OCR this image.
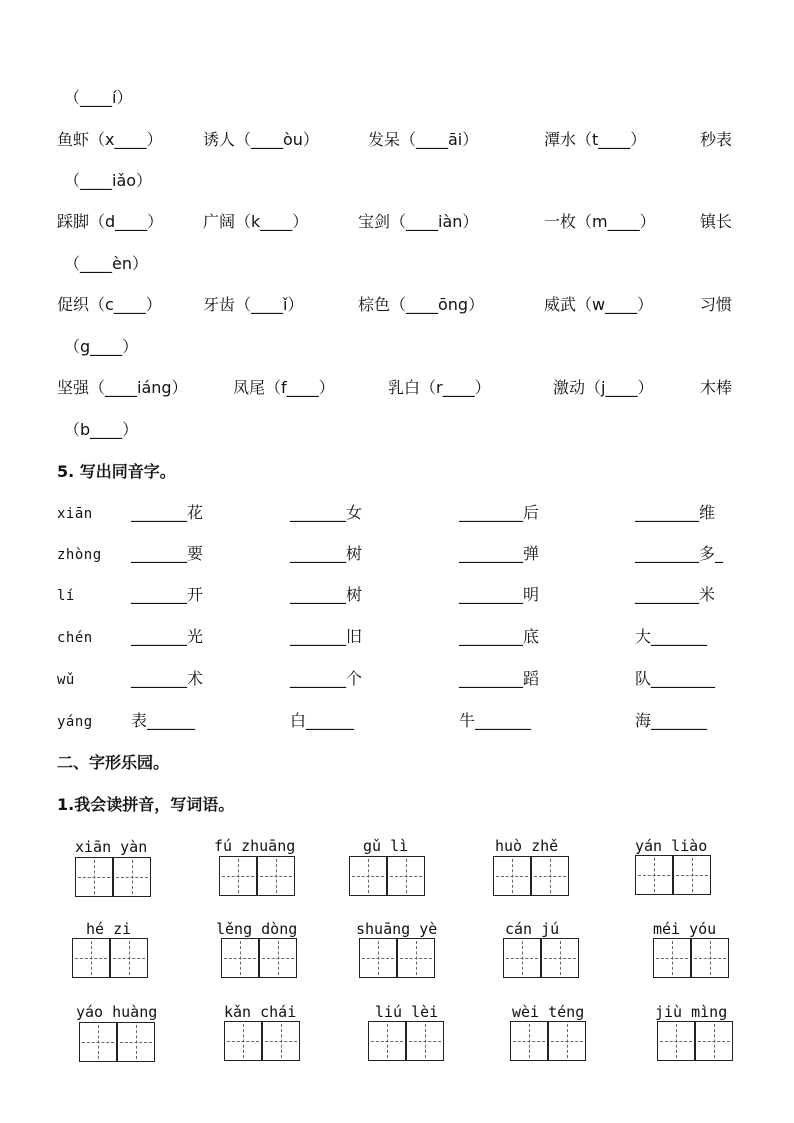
（____í）
鱼虾（x____）	诱人（____òu）	发呆（____āi）	潭水（t____）	秒表
（____iǎo）
踩脚（d____） 广阔（k____）	宝剑（____iàn）	一枚（m____）	镇长
（____èn）
促织（c____）	牙齿（____ǐ）	棕色（____ōng）	威武（w____）	习惯
（g____）
坚强（____iáng）	凤尾（f____）	乳白（r____）	激动（j____）	木棒
（b____）
5. 写出同音字。
xiān _______花	_______女	________后	________维
zhòng _______要	_______树	________弹	________多_
lí	_______开	_______树	________明	________米
chén _______光	_______旧	________底	大_______
wǔ	_______术	_______个	________蹈	队________
yáng 表______	白______	牛_______	海_______
二、字形乐园。
1.我会读拼音，写词语。
xiān yàn	fú zhuāng	gǔ lì	huò zhě	yán liào
hé zi	lěng dòng	shuāng yè	cán jú	méi yóu
yáo huàng	kǎn chái	liú lèi	wèi téng	jiù mìng
